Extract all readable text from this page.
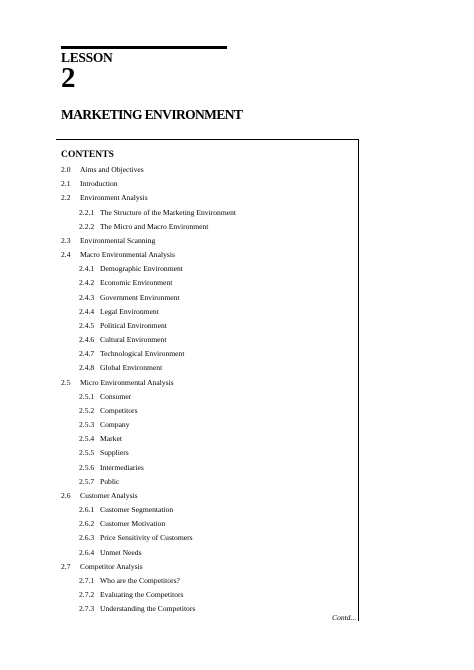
LESSON
2
MARKETING ENVIRONMENT
CONTENTS
2.0 Aims and Objectives
2.1 Introduction
2.2 Environment Analysis
2.2.1 The Structure of the Marketing Environment
2.2.2 The Micro and Macro Environment
2.3 Environmental Scanning
2.4 Macro Environmental Analysis
2.4.1 Demographic Environment
2.4.2 Economic Environment
2.4.3 Government Environment
2.4.4 Legal Environment
2.4.5 Political Environment
2.4.6 Cultural Environment
2.4.7 Technological Environment
2.4.8 Global Environment
2.5 Micro Environmental Analysis
2.5.1 Consumer
2.5.2 Competitors
2.5.3 Company
2.5.4 Market
2.5.5 Suppliers
2.5.6 Intermediaries
2.5.7 Public
2.6 Customer Analysis
2.6.1 Customer Segmentation
2.6.2 Customer Motivation
2.6.3 Price Sensitivity of Customers
2.6.4 Unmet Needs
2.7 Competitor Analysis
2.7.1 Who are the Competitors?
2.7.2 Evaluating the Competitors
2.7.3 Understanding the Competitors
Contd...
